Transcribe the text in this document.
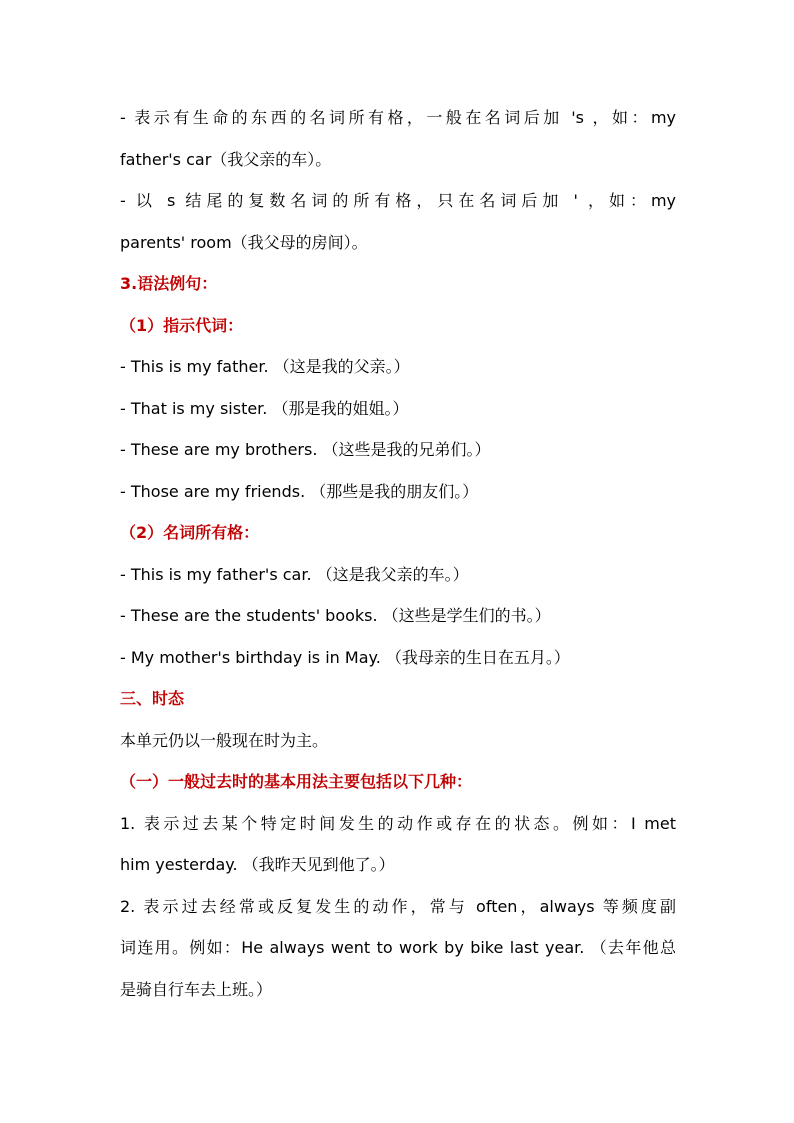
- 表示有生命的东西的名词所有格，一般在名词后加 's ，如：my
father's car（我父亲的车）。
- 以 s 结尾的复数名词的所有格，只在名词后加 ' ，如：my
parents' room（我父母的房间）。
3.语法例句：
（1）指示代词：
- This is my father. （这是我的父亲。）
- That is my sister. （那是我的姐姐。）
- These are my brothers. （这些是我的兄弟们。）
- Those are my friends. （那些是我的朋友们。）
（2）名词所有格：
- This is my father's car. （这是我父亲的车。）
- These are the students' books. （这些是学生们的书。）
- My mother's birthday is in May. （我母亲的生日在五月。）
三、时态
本单元仍以一般现在时为主。
（一）一般过去时的基本用法主要包括以下几种：
1. 表示过去某个特定时间发生的动作或存在的状态。例如：I met
him yesterday. （我昨天见到他了。）
2. 表示过去经常或反复发生的动作，常与 often，always 等频度副
词连用。例如：He always went to work by bike last year. （去年他总
是骑自行车去上班。）
